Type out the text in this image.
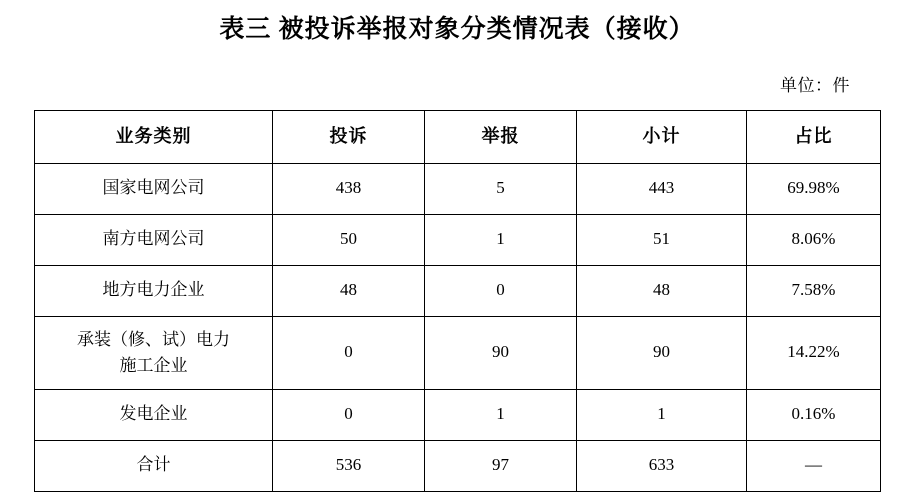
表三 被投诉举报对象分类情况表（接收）
单位：件
业务类别	投诉	举报	小计	占比
国家电网公司	438	5	443	69.98%
南方电网公司	50	1	51	8.06%
地方电力企业	48	0	48	7.58%

承装（修、试）电力
施工企业	0	90	90	14.22%
发电企业	0	1	1	0.16%
合计	536	97	633	—
